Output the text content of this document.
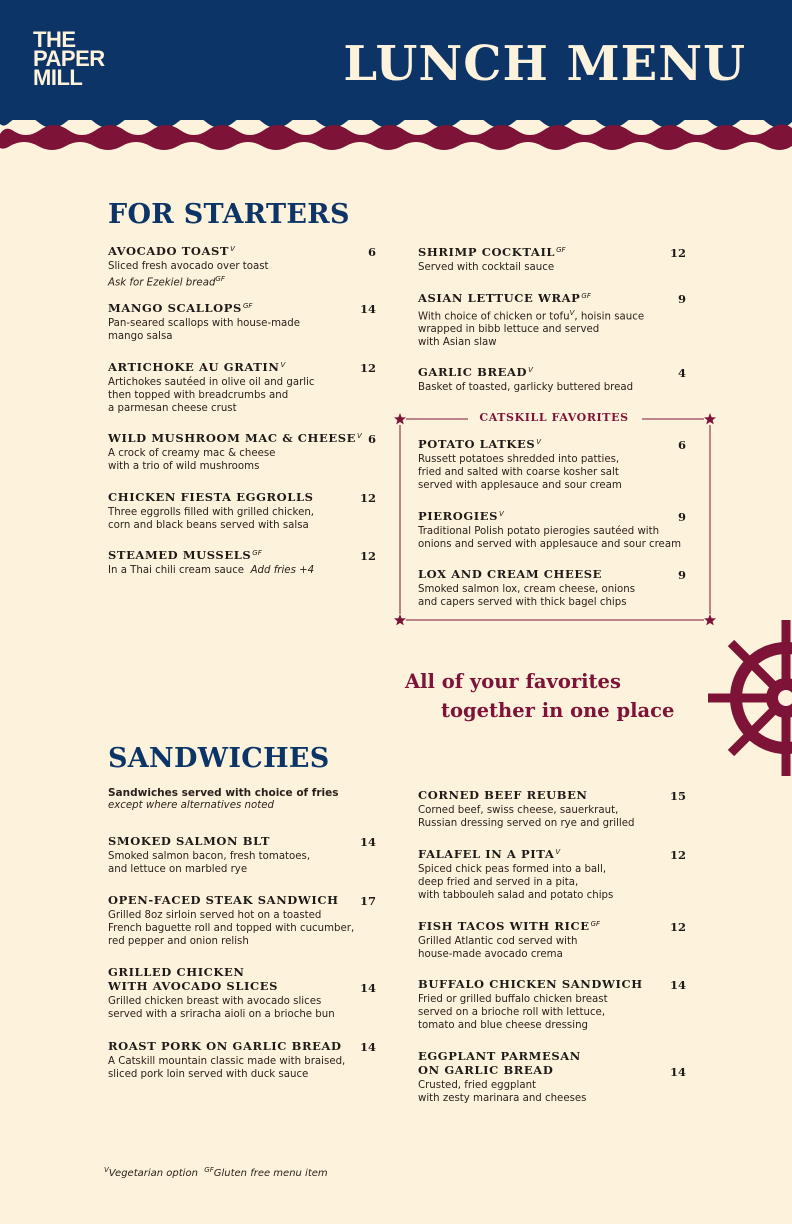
THE
PAPER
MILL	LUNCH MENU
FOR STARTERS
AVOCADO $TOAST^V$
Sliced fresh avocado over toast
Ask for Ezekiel bread$^{GF}$
6
MANGO $SCALLOPS^{GF}$
Pan-seared scallops with house-made
mango salsa
14
ARTICHOKE AU $GRATIN^V$
Artichokes sautéed in olive oil and garlic
then topped with breadcrumbs and
a parmesan cheese crust
12
WILD MUSHROOM MAC & $CHEESE^V$
A crock of creamy mac & cheese
with a trio of wild mushrooms
6
CHICKEN FIESTA EGGROLLS
Three eggrolls filled with grilled chicken,
corn and black beans served with salsa
12
STEAMED $MUSSELS^{GF}$
In a Thai chili cream sauce Add fries +4
12
SHRIMP $COCKTAIL^{GF}$
Served with cocktail sauce
12
ASIAN LETTUCE $WRAP^{GF}$
With choice of chicken or tofu$^V$, hoisin sauce
wrapped in bibb lettuce and served
with Asian slaw
9
GARLIC $BREAD^V$
Basket of toasted, garlicky buttered bread
4
CATSKILL FAVORITES
POTATO $LATKES^V$
Russett potatoes shredded into patties,
fried and salted with coarse kosher salt
served with applesauce and sour cream
6
$PIEROGIES^V$
Traditional Polish potato pierogies sautéed with
onions and served with applesauce and sour cream
9
LOX AND CREAM CHEESE
Smoked salmon lox, cream cheese, onions
and capers served with thick bagel chips
9

All of your favorites

together in one place

SANDWICHES
Sandwiches served with choice of fries
except where alternatives noted
SMOKED SALMON BLT
Smoked salmon bacon, fresh tomatoes,
and lettuce on marbled rye
14
OPEN-FACED STEAK SANDWICH
Grilled 8oz sirloin served hot on a toasted
French baguette roll and topped with cucumber,
red pepper and onion relish
17
GRILLED CHICKEN
WITH AVOCADO SLICES
Grilled chicken breast with avocado slices
served with a sriracha aioli on a brioche bun
14
ROAST PORK ON GARLIC BREAD
A Catskill mountain classic made with braised,
sliced pork loin served with duck sauce
14
CORNED BEEF REUBEN
Corned beef, swiss cheese, sauerkraut,
Russian dressing served on rye and grilled
15
FALAFEL IN A $PITA^V$
Spiced chick peas formed into a ball,
deep fried and served in a pita,
with tabbouleh salad and potato chips
12
FISH TACOS WITH $RICE^{GF}$
Grilled Atlantic cod served with
house-made avocado crema
12
BUFFALO CHICKEN SANDWICH
Fried or grilled buffalo chicken breast
served on a brioche roll with lettuce,
tomato and blue cheese dressing
14
EGGPLANT PARMESAN
ON GARLIC BREAD
Crusted, fried eggplant
with zesty marinara and cheeses
14
$^V$Vegetarian option $^{GF}$Gluten free menu item
